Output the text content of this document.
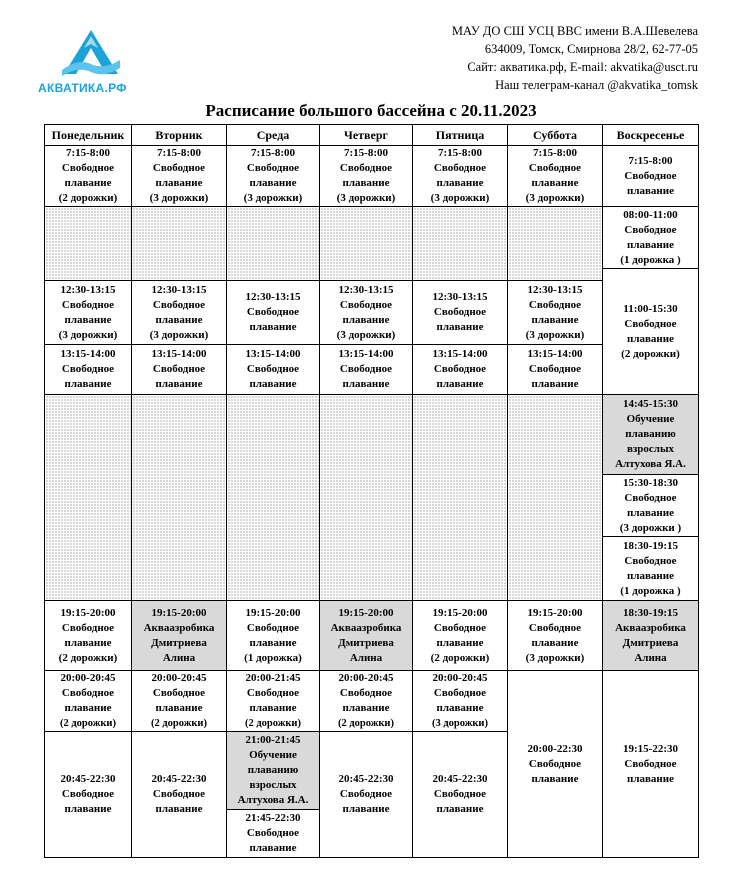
АКВАТИКА.РФ
МАУ ДО СШ УСЦ ВВС имени В.А.Шевелева
634009, Томск, Смирнова 28/2, 62-77-05
Сайт: акватика.рф, E-mail: akvatika@usct.ru
Наш телеграм-канал @akvatika_tomsk
Расписание большого бассейна с 20.11.2023
Понедельник	Вторник	Среда	Четверг	Пятница	Суббота	Воскресенье

7:15-8:00
Свободное
плавание
(2 дорожки)	7:15-8:00
Свободное
плавание
(3 дорожки)	7:15-8:00
Свободное
плавание
(3 дорожки)	7:15-8:00
Свободное
плавание
(3 дорожки)	7:15-8:00
Свободное
плавание
(3 дорожки)	7:15-8:00
Свободное
плавание
(3 дорожки)	7:15-8:00
Свободное
плавание

						08:00-11:00
Свободное
плавание
(1 дорожка )

						11:00-15:30
Свободное
плавание
(2 дорожки)

12:30-13:15
Свободное
плавание
(3 дорожки)	12:30-13:15
Свободное
плавание
(3 дорожки)	12:30-13:15
Свободное
плавание	12:30-13:15
Свободное
плавание
(3 дорожки)	12:30-13:15
Свободное
плавание	12:30-13:15
Свободное
плавание
(3 дорожки)	

13:15-14:00
Свободное
плавание	13:15-14:00
Свободное
плавание	13:15-14:00
Свободное
плавание	13:15-14:00
Свободное
плавание	13:15-14:00
Свободное
плавание	13:15-14:00
Свободное
плавание	

						14:45-15:30
Обучение
плаванию
взрослых
Алтухова Я.А.

						15:30-18:30
Свободное
плавание
(3 дорожки )

						18:30-19:15
Свободное
плавание
(1 дорожка )

19:15-20:00
Свободное
плавание
(2 дорожки)	19:15-20:00
Акваазробика
Дмитриева
Алина	19:15-20:00
Свободное
плавание
(1 дорожка)	19:15-20:00
Акваазробика
Дмитриева
Алина	19:15-20:00
Свободное
плавание
(2 дорожки)	19:15-20:00
Свободное
плавание
(3 дорожки)	18:30-19:15
Акваазробика
Дмитриева
Алина

20:00-20:45
Свободное
плавание
(2 дорожки)	20:00-20:45
Свободное
плавание
(2 дорожки)	20:00-21:45
Свободное
плавание
(2 дорожки)	20:00-20:45
Свободное
плавание
(2 дорожки)	20:00-20:45
Свободное
плавание
(3 дорожки)	20:00-22:30
Свободное
плавание	19:15-22:30
Свободное
плавание

20:45-22:30
Свободное
плавание	20:45-22:30
Свободное
плавание	21:00-21:45
Обучение
плаванию
взрослых
Алтухова Я.А.	20:45-22:30
Свободное
плавание	20:45-22:30
Свободное
плавание		

		21:45-22:30
Свободное
плавание				
